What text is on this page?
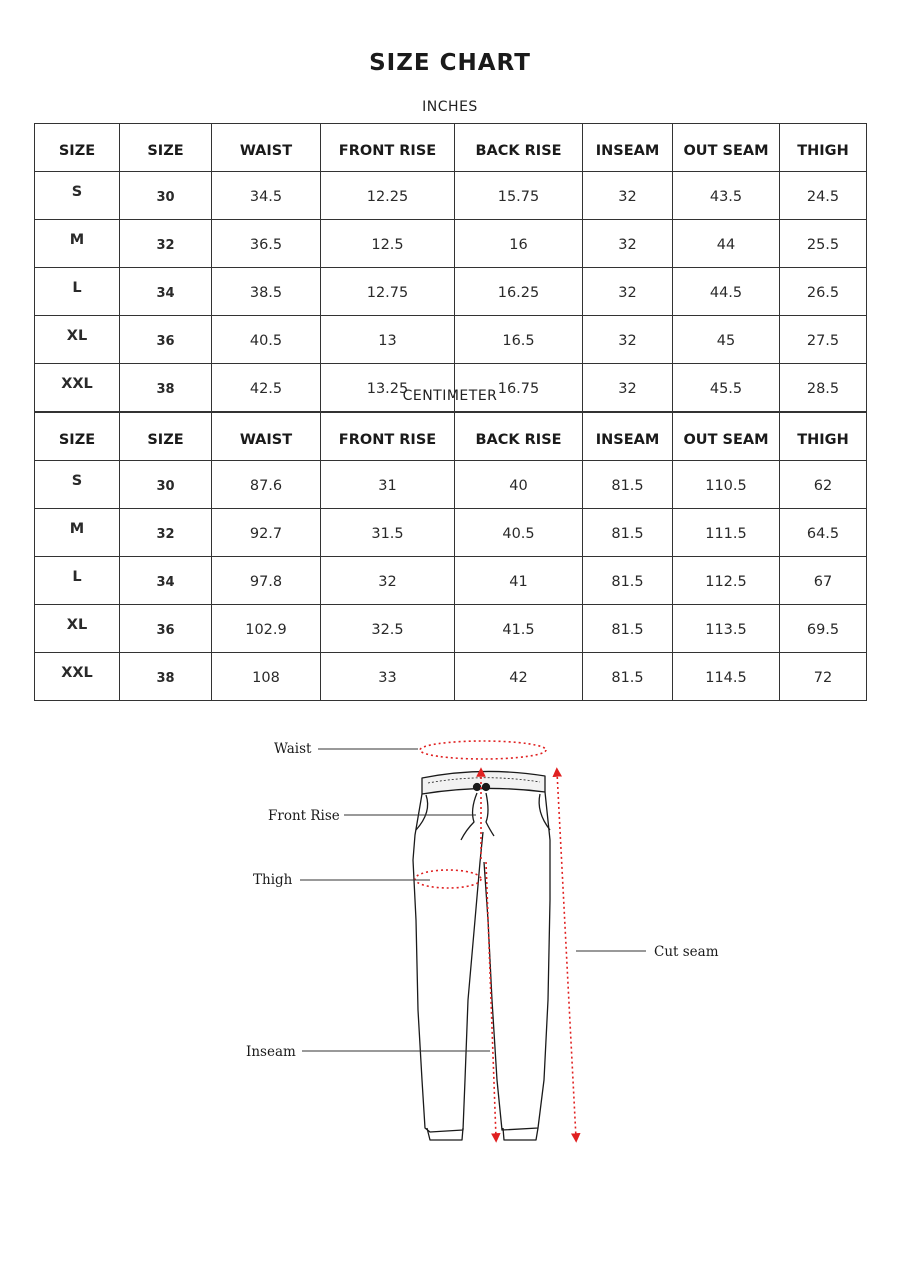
SIZE CHART
INCHES
SIZE	SIZE	WAIST	FRONT RISE	BACK RISE	INSEAM	OUT SEAM	THIGH
S	30	34.5	12.25	15.75	32	43.5	24.5
M	32	36.5	12.5	16	32	44	25.5
L	34	38.5	12.75	16.25	32	44.5	26.5
XL	36	40.5	13	16.5	32	45	27.5
XXL	38	42.5	13.25	16.75	32	45.5	28.5
CENTIMETER
SIZE	SIZE	WAIST	FRONT RISE	BACK RISE	INSEAM	OUT SEAM	THIGH
S	30	87.6	31	40	81.5	110.5	62
M	32	92.7	31.5	40.5	81.5	111.5	64.5
L	34	97.8	32	41	81.5	112.5	67
XL	36	102.9	32.5	41.5	81.5	113.5	69.5
XXL	38	108	33	42	81.5	114.5	72
Waist
Front Rise
Thigh
Inseam
Cut seam
